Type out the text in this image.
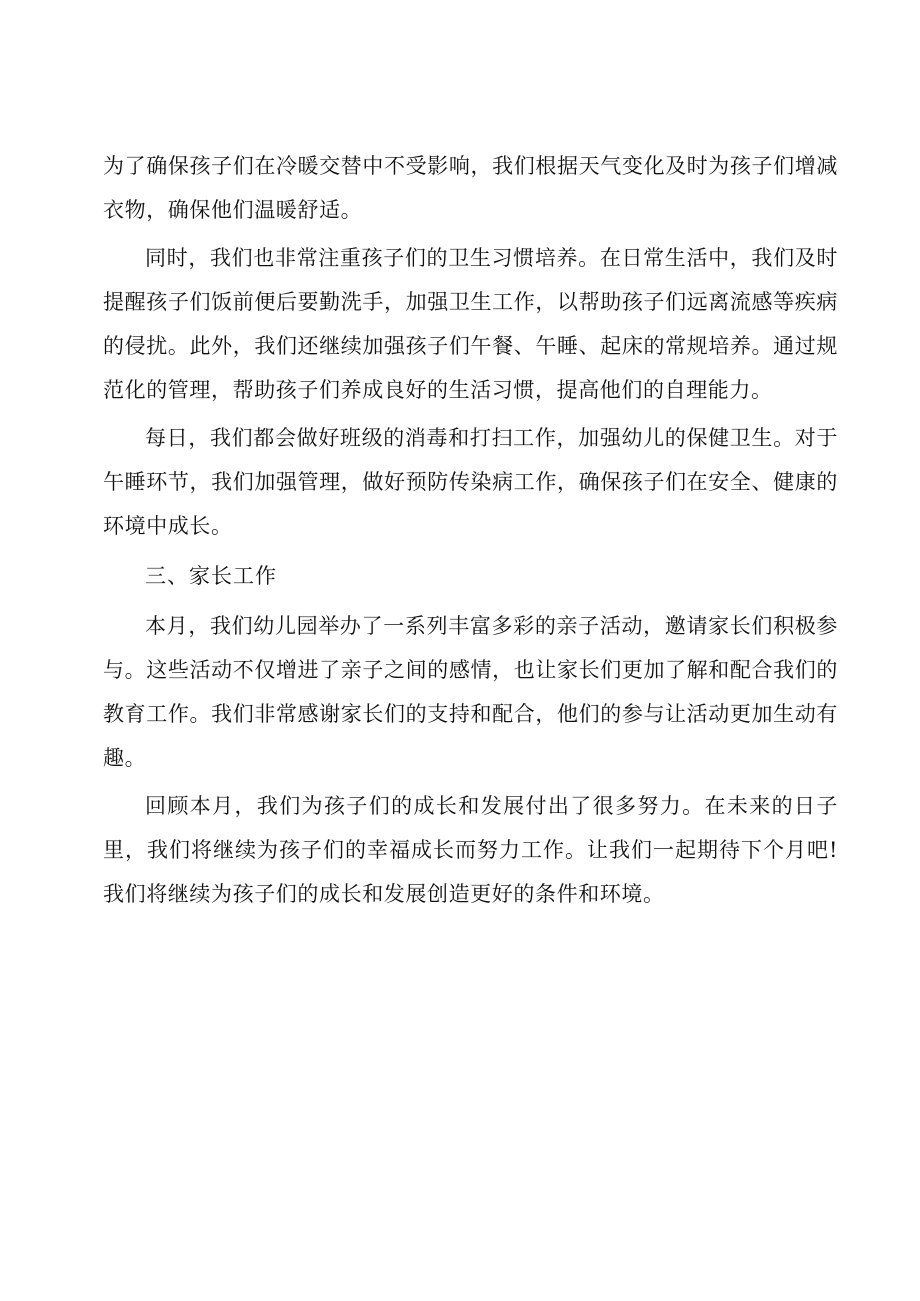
为了确保孩子们在冷暖交替中不受影响，我们根据天气变化及时为孩子们增减衣物，确保他们温暖舒适。

同时，我们也非常注重孩子们的卫生习惯培养。在日常生活中，我们及时提醒孩子们饭前便后要勤洗手，加强卫生工作，以帮助孩子们远离流感等疾病的侵扰。此外，我们还继续加强孩子们午餐、午睡、起床的常规培养。通过规范化的管理，帮助孩子们养成良好的生活习惯，提高他们的自理能力。

每日，我们都会做好班级的消毒和打扫工作，加强幼儿的保健卫生。对于午睡环节，我们加强管理，做好预防传染病工作，确保孩子们在安全、健康的环境中成长。

三、家长工作

本月，我们幼儿园举办了一系列丰富多彩的亲子活动，邀请家长们积极参与。这些活动不仅增进了亲子之间的感情，也让家长们更加了解和配合我们的教育工作。我们非常感谢家长们的支持和配合，他们的参与让活动更加生动有趣。

回顾本月，我们为孩子们的成长和发展付出了很多努力。在未来的日子里，我们将继续为孩子们的幸福成长而努力工作。让我们一起期待下个月吧!我们将继续为孩子们的成长和发展创造更好的条件和环境。
